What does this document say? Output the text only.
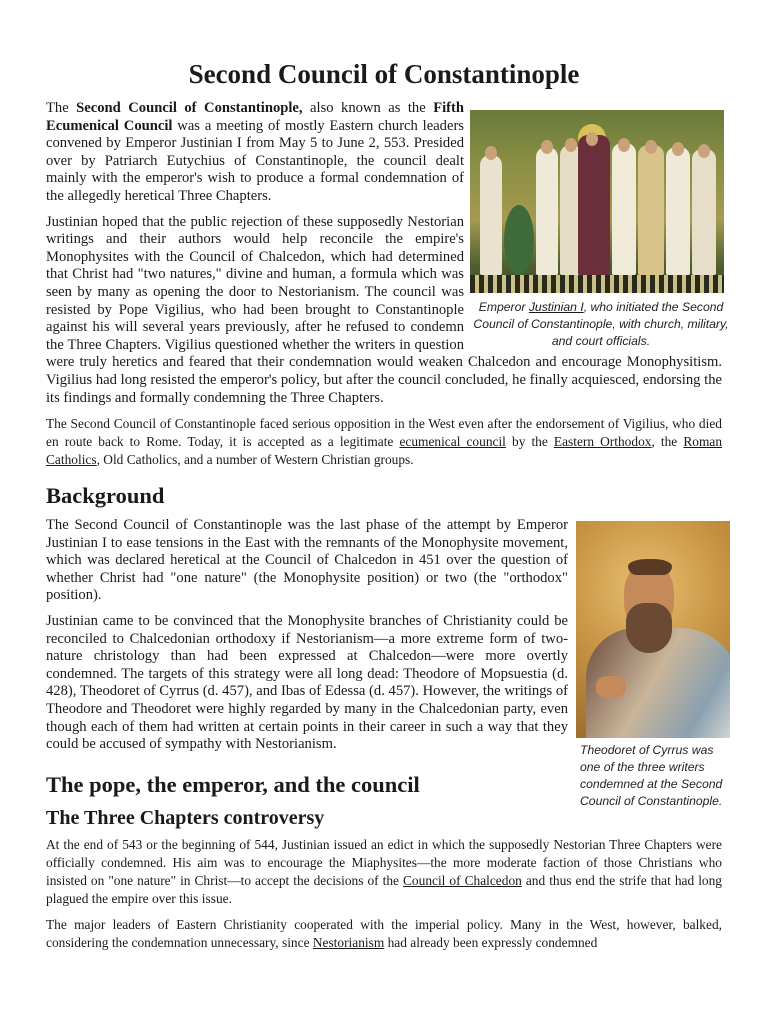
Second Council of Constantinople
Emperor Justinian I, who initiated the Second Council of Constantinople, with church, military, and court officials.

The Second Council of Constantinople, also known as the Fifth Ecumenical Council was a meeting of mostly Eastern church leaders convened by Emperor Justinian I from May 5 to June 2, 553. Presided over by Patriarch Eutychius of Constantinople, the council dealt mainly with the emperor's wish to produce a formal condemnation of the allegedly heretical Three Chapters.

Justinian hoped that the public rejection of these supposedly Nestorian writings and their authors would help reconcile the empire's Monophysites with the Council of Chalcedon, which had determined that Christ had "two natures," divine and human, a formula which was seen by many as opening the door to Nestorianism. The council was resisted by Pope Vigilius, who had been brought to Constantinople against his will several years previously, after he refused to condemn the Three Chapters. Vigilius questioned whether the writers in question were truly heretics and feared that their condemnation would weaken Chalcedon and encourage Monophysitism. Vigilius had long resisted the emperor's policy, but after the council concluded, he finally acquiesced, endorsing the its findings and formally condemning the Three Chapters.

The Second Council of Constantinople faced serious opposition in the West even after the endorsement of Vigilius, who died en route back to Rome. Today, it is accepted as a legitimate ecumenical council by the Eastern Orthodox, the Roman Catholics, Old Catholics, and a number of Western Christian groups.

Background
Theodoret of Cyrrus was one of the three writers condemned at the Second Council of Constantinople.

The Second Council of Constantinople was the last phase of the attempt by Emperor Justinian I to ease tensions in the East with the remnants of the Monophysite movement, which was declared heretical at the Council of Chalcedon in 451 over the question of whether Christ had "one nature" (the Monophysite position) or two (the "orthodox" position).

Justinian came to be convinced that the Monophysite branches of Christianity could be reconciled to Chalcedonian orthodoxy if Nestorianism—a more extreme form of two-nature christology than had been expressed at Chalcedon—were more overtly condemned. The targets of this strategy were all long dead: Theodore of Mopsuestia (d. 428), Theodoret of Cyrrus (d. 457), and Ibas of Edessa (d. 457). However, the writings of Theodore and Theodoret were highly regarded by many in the Chalcedonian party, even though each of them had written at certain points in their career in such a way that they could be accused of sympathy with Nestorianism.

The pope, the emperor, and the council
The Three Chapters controversy

At the end of 543 or the beginning of 544, Justinian issued an edict in which the supposedly Nestorian Three Chapters were officially condemned. His aim was to encourage the Miaphysites—the more moderate faction of those Christians who insisted on "one nature" in Christ—to accept the decisions of the Council of Chalcedon and thus end the strife that had long plagued the empire over this issue.

The major leaders of Eastern Christianity cooperated with the imperial policy. Many in the West, however, balked, considering the condemnation unnecessary, since Nestorianism had already been expressly condemned
